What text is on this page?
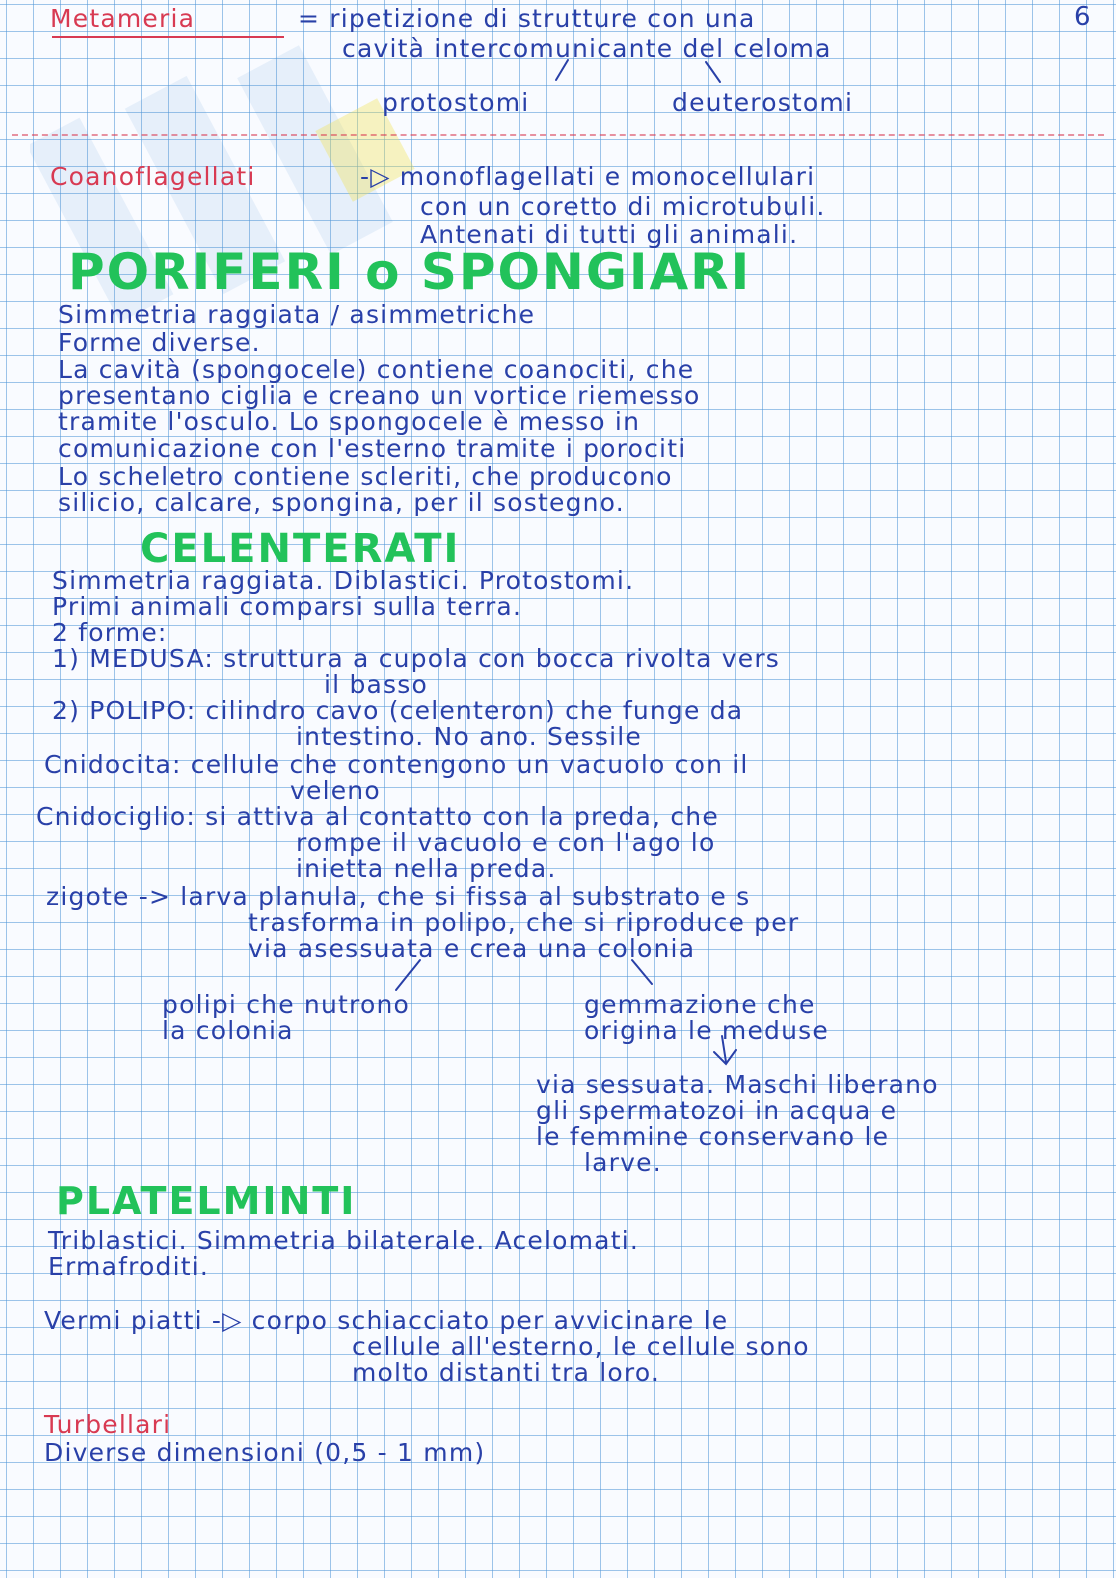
6
Metameria	= ripetizione di strutture con una
cavità intercomunicante del celoma
protostomi	deuterostomi
Coanoflagellati	-▷ monoflagellati e monocellulari
con un coretto di microtubuli.
Antenati di tutti gli animali.
PORIFERI o SPONGIARI
Simmetria raggiata / asimmetriche
Forme diverse.
La cavità (spongocele) contiene coanociti, che
presentano ciglia e creano un vortice riemesso
tramite l'osculo. Lo spongocele è messo in
comunicazione con l'esterno tramite i porociti
Lo scheletro contiene scleriti, che producono
silicio, calcare, spongina, per il sostegno.
CELENTERATI
Simmetria raggiata. Diblastici. Protostomi.
Primi animali comparsi sulla terra.
2 forme:
1) MEDUSA: struttura a cupola con bocca rivolta vers
il basso
2) POLIPO: cilindro cavo (celenteron) che funge da
intestino. No ano. Sessile
Cnidocita: cellule che contengono un vacuolo con il
veleno
Cnidociglio: si attiva al contatto con la preda, che
rompe il vacuolo e con l'ago lo
inietta nella preda.
zigote -> larva planula, che si fissa al substrato e s
trasforma in polipo, che si riproduce per
via asessuata e crea una colonia
polipi che nutrono
la colonia
gemmazione che
origina le meduse
via sessuata. Maschi liberano
gli spermatozoi in acqua e
le femmine conservano le
larve.
PLATELMINTI
Triblastici. Simmetria bilaterale. Acelomati.
Ermafroditi.
Vermi piatti -▷ corpo schiacciato per avvicinare le
cellule all'esterno, le cellule sono
molto distanti tra loro.
Turbellari
Diverse dimensioni (0,5 - 1 mm)
